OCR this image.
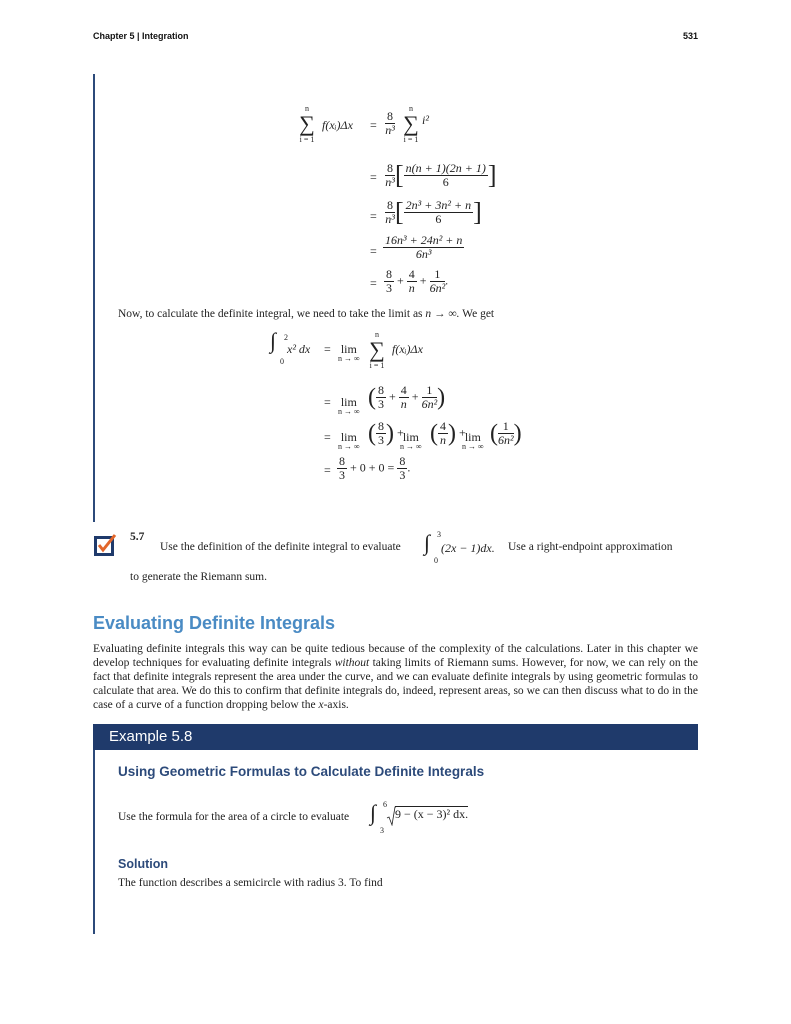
Chapter 5 | Integration	531
n
∑
i = 1
f(xᵢ)Δx = $\frac{8}{\text{n³}}$
n
∑
i = 1
i²
= $\frac{8}{\text{n³}}$ [ $\frac{n(n + 1)(2n + 1)}{6}$ ]
= $\frac{8}{\text{n³}}$ [ $\frac{\text{2n³ + 3n² + n}}{6}$ ]
= $\frac{\text{16n³ + 24n² + n}}{\text{6n³}}$
= $\frac{8}{3} + \frac{4}{n} + \frac{1}{\text{6n²}}$ .
Now, to calculate the definite integral, we need to take the limit as n → ∞. We get
∫ 2
0
x² dx = lim
n → ∞
n
∑
i = 1
f(xᵢ)Δx
= lim
n → ∞
( $\frac{8}{3} + \frac{4}{n} + \frac{1}{\text{6n²}}$ )
= lim
n → ∞ ( $\frac{8}{3}$ ) + lim
n → ∞ ( $\frac{4}{n}$ ) + lim
n → ∞ ( $\frac{1}{\text{6n²}}$ )
= $\frac{8}{3} + 0 + 0 = \frac{8}{3}$ .
5.7
Use the definition of the definite integral to evaluate ∫ 3
0
(2x − 1)dx. Use a right-endpoint approximation
to generate the Riemann sum.
Evaluating Definite Integrals
Evaluating definite integrals this way can be quite tedious because of the complexity of the calculations. Later in this chapter we develop techniques for evaluating definite integrals without taking limits of Riemann sums. However, for now, we can rely on the fact that definite integrals represent the area under the curve, and we can evaluate definite integrals by using geometric formulas to calculate that area. We do this to confirm that definite integrals do, indeed, represent areas, so we can then discuss what to do in the case of a curve of a function dropping below the x-axis.
Example 5.8
Using Geometric Formulas to Calculate Definite Integrals
Use the formula for the area of a circle to evaluate ∫ 6
3
9 − (x − 3)² dx.
Solution
The function describes a semicircle with radius 3. To find
